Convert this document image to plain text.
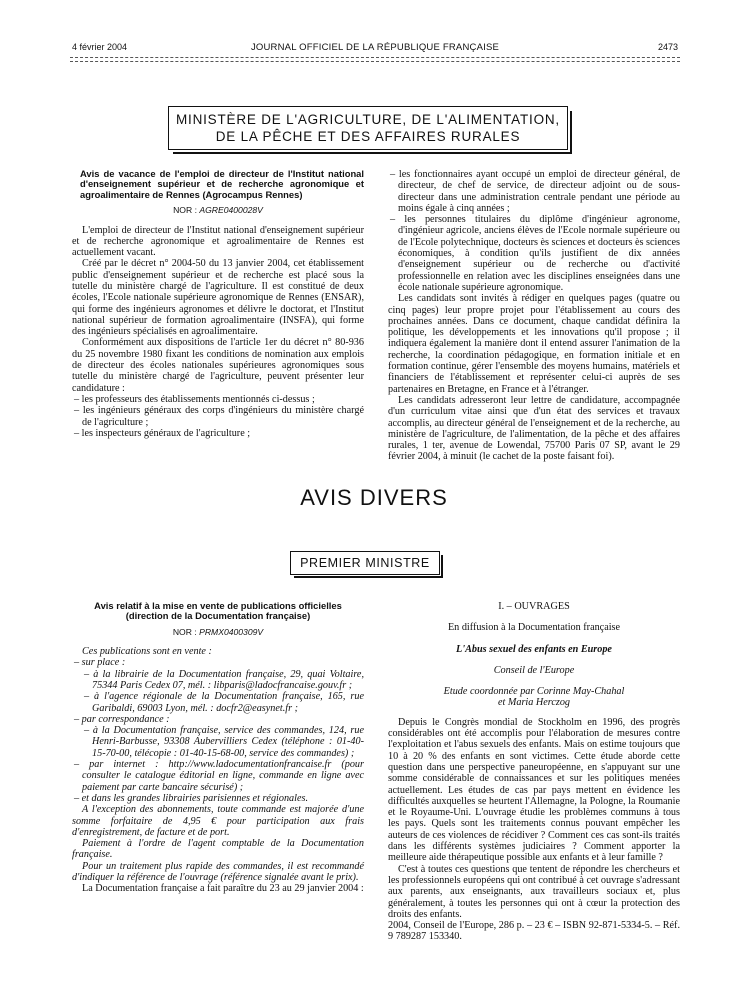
4 février 2004	JOURNAL OFFICIEL DE LA RÉPUBLIQUE FRANÇAISE	2473
MINISTÈRE DE L'AGRICULTURE, DE L'ALIMENTATION,
DE LA PÊCHE ET DES AFFAIRES RURALES
Avis de vacance de l'emploi de directeur de l'Institut national d'enseignement supérieur et de recherche agronomique et agroalimentaire de Rennes (Agrocampus Rennes)
NOR : AGRE0400028V

L'emploi de directeur de l'Institut national d'enseignement supérieur et de recherche agronomique et agroalimentaire de Rennes est actuellement vacant.

Créé par le décret n° 2004-50 du 13 janvier 2004, cet établissement public d'enseignement supérieur et de recherche est placé sous la tutelle du ministère chargé de l'agriculture. Il est constitué de deux écoles, l'Ecole nationale supérieure agronomique de Rennes (ENSAR), qui forme des ingénieurs agronomes et délivre le doctorat, et l'Institut national supérieur de formation agroalimentaire (INSFA), qui forme des ingénieurs spécialisés en agroalimentaire.

Conformément aux dispositions de l'article 1er du décret n° 80-936 du 25 novembre 1980 fixant les conditions de nomination aux emplois de directeur des écoles nationales supérieures agronomiques sous tutelle du ministère chargé de l'agriculture, peuvent présenter leur candidature :

– les professeurs des établissements mentionnés ci-dessus ;
– les ingénieurs généraux des corps d'ingénieurs du ministère chargé de l'agriculture ;
– les inspecteurs généraux de l'agriculture ;
– les fonctionnaires ayant occupé un emploi de directeur général, de directeur, de chef de service, de directeur adjoint ou de sous-directeur dans une administration centrale pendant une période au moins égale à cinq années ;
– les personnes titulaires du diplôme d'ingénieur agronome, d'ingénieur agricole, anciens élèves de l'Ecole normale supérieure ou de l'Ecole polytechnique, docteurs ès sciences et docteurs ès sciences économiques, à condition qu'ils justifient de dix années d'enseignement supérieur ou de recherche ou d'activité professionnelle en relation avec les disciplines enseignées dans une école nationale supérieure agronomique.

Les candidats sont invités à rédiger en quelques pages (quatre ou cinq pages) leur propre projet pour l'établissement au cours des prochaines années. Dans ce document, chaque candidat définira la politique, les développements et les innovations qu'il propose ; il indiquera également la manière dont il entend assurer l'animation de la recherche, la coordination pédagogique, en formation initiale et en formation continue, gérer l'ensemble des moyens humains, matériels et financiers de l'établissement et représenter celui-ci auprès de ses partenaires en Bretagne, en France et à l'étranger.

Les candidats adresseront leur lettre de candidature, accompagnée d'un curriculum vitae ainsi que d'un état des services et travaux accomplis, au directeur général de l'enseignement et de la recherche, au ministère de l'agriculture, de l'alimentation, de la pêche et des affaires rurales, 1 ter, avenue de Lowendal, 75700 Paris 07 SP, avant le 29 février 2004, à minuit (le cachet de la poste faisant foi).

AVIS DIVERS
PREMIER MINISTRE
Avis relatif à la mise en vente de publications officielles
(direction de la Documentation française)
NOR : PRMX0400309V

Ces publications sont en vente :

– sur place :
– à la librairie de la Documentation française, 29, quai Voltaire, 75344 Paris Cedex 07, mél. : libparis@ladocfrancaise.gouv.fr ;
– à l'agence régionale de la Documentation française, 165, rue Garibaldi, 69003 Lyon, mél. : docfr2@easynet.fr ;
– par correspondance :
– à la Documentation française, service des commandes, 124, rue Henri-Barbusse, 93308 Aubervilliers Cedex (téléphone : 01-40-15-70-00, télécopie : 01-40-15-68-00, service des commandes) ;
– par internet : http://www.ladocumentationfrancaise.fr (pour consulter le catalogue éditorial en ligne, commande en ligne avec paiement par carte bancaire sécurisé) ;
– et dans les grandes librairies parisiennes et régionales.

A l'exception des abonnements, toute commande est majorée d'une somme forfaitaire de 4,95 € pour participation aux frais d'enregistrement, de facture et de port.

Paiement à l'ordre de l'agent comptable de la Documentation française.

Pour un traitement plus rapide des commandes, il est recommandé d'indiquer la référence de l'ouvrage (référence signalée avant le prix).

La Documentation française a fait paraître du 23 au 29 janvier 2004 :

I. – OUVRAGES

En diffusion à la Documentation française

L'Abus sexuel des enfants en Europe

Conseil de l'Europe

Etude coordonnée par Corinne May-Chahal

et Maria Herczog

Depuis le Congrès mondial de Stockholm en 1996, des progrès considérables ont été accomplis pour l'élaboration de mesures contre l'exploitation et l'abus sexuels des enfants. Mais on estime toujours que 10 à 20 % des enfants en sont victimes. Cette étude aborde cette question dans une perspective paneuropéenne, en s'appuyant sur une somme considérable de connaissances et sur les politiques menées actuellement. Les études de cas par pays mettent en évidence les difficultés auxquelles se heurtent l'Allemagne, la Pologne, la Roumanie et le Royaume-Uni. L'ouvrage étudie les problèmes communs à tous les pays. Quels sont les traitements connus pouvant empêcher les auteurs de ces violences de récidiver ? Comment ces cas sont-ils traités dans les différents systèmes judiciaires ? Comment apporter la meilleure aide thérapeutique possible aux enfants et à leur famille ?

C'est à toutes ces questions que tentent de répondre les chercheurs et les professionnels européens qui ont contribué à cet ouvrage s'adressant aux parents, aux enseignants, aux travailleurs sociaux et, plus généralement, à toutes les personnes qui ont à cœur la protection des droits des enfants.

2004, Conseil de l'Europe, 286 p. – 23 € – ISBN 92-871-5334-5. – Réf. 9 789287 153340.
